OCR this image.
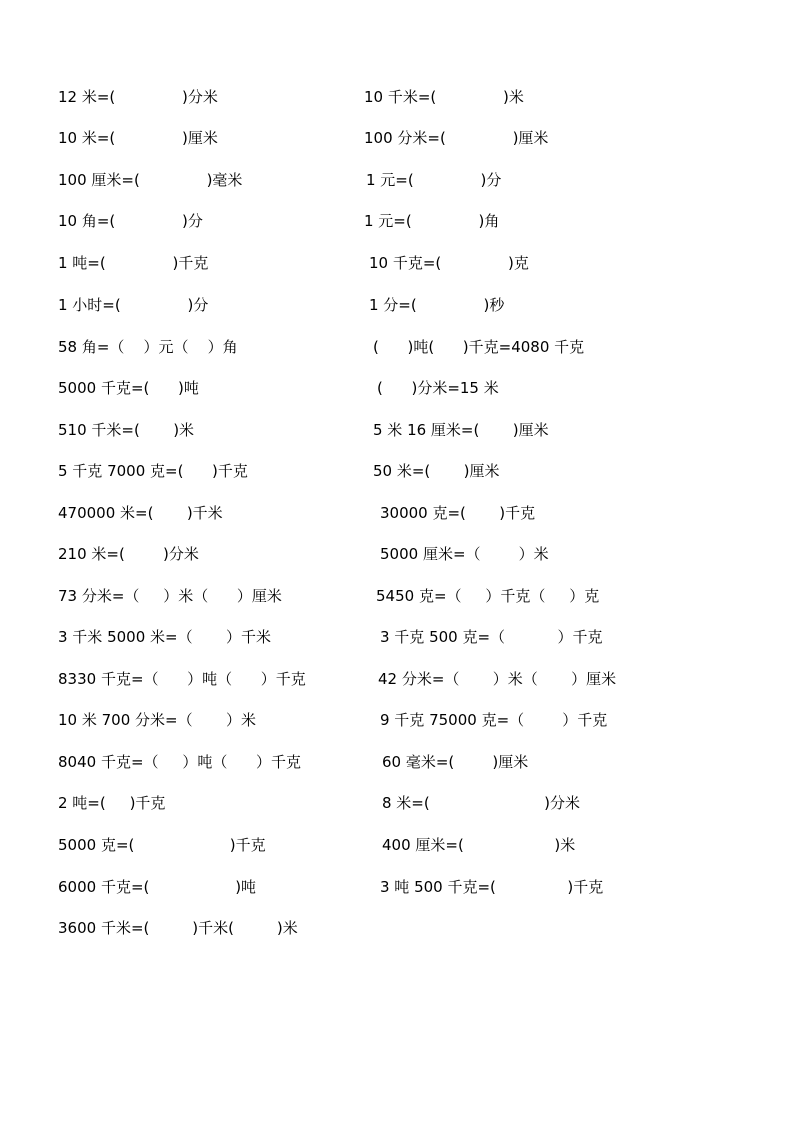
12 米=(              )分米

10 米=(              )厘米

100 厘米=(              )毫米

10 角=(              )分

1 吨=(              )千克

1 小时=(              )分

58 角=（    ）元（    ）角

5000 千克=(      )吨

510 千米=(       )米

5 千克 7000 克=(      )千克

470000 米=(       )千米

210 米=(        )分米

73 分米=（     ）米（      ）厘米

3 千米 5000 米=（       ）千米

8330 千克=（      ）吨（      ）千克

10 米 700 分米=（       ）米

8040 千克=（     ）吨（      ）千克

2 吨=(     )千克

5000 克=(                    )千克

6000 千克=(                  )吨

3600 千米=(         )千米(         )米

10 千米=(              )米

100 分米=(              )厘米

1 元=(              )分

1 元=(              )角

10 千克=(              )克

1 分=(              )秒

(      )吨(      )千克=4080 千克

(      )分米=15 米

5 米 16 厘米=(       )厘米

50 米=(       )厘米

30000 克=(       )千克

5000 厘米=（        ）米

5450 克=（     ）千克（     ）克

3 千克 500 克=（           ）千克

42 分米=（       ）米（       ）厘米

9 千克 75000 克=（        ）千克

60 毫米=(        )厘米

8 米=(                        )分米

400 厘米=(                   )米

3 吨 500 千克=(               )千克
